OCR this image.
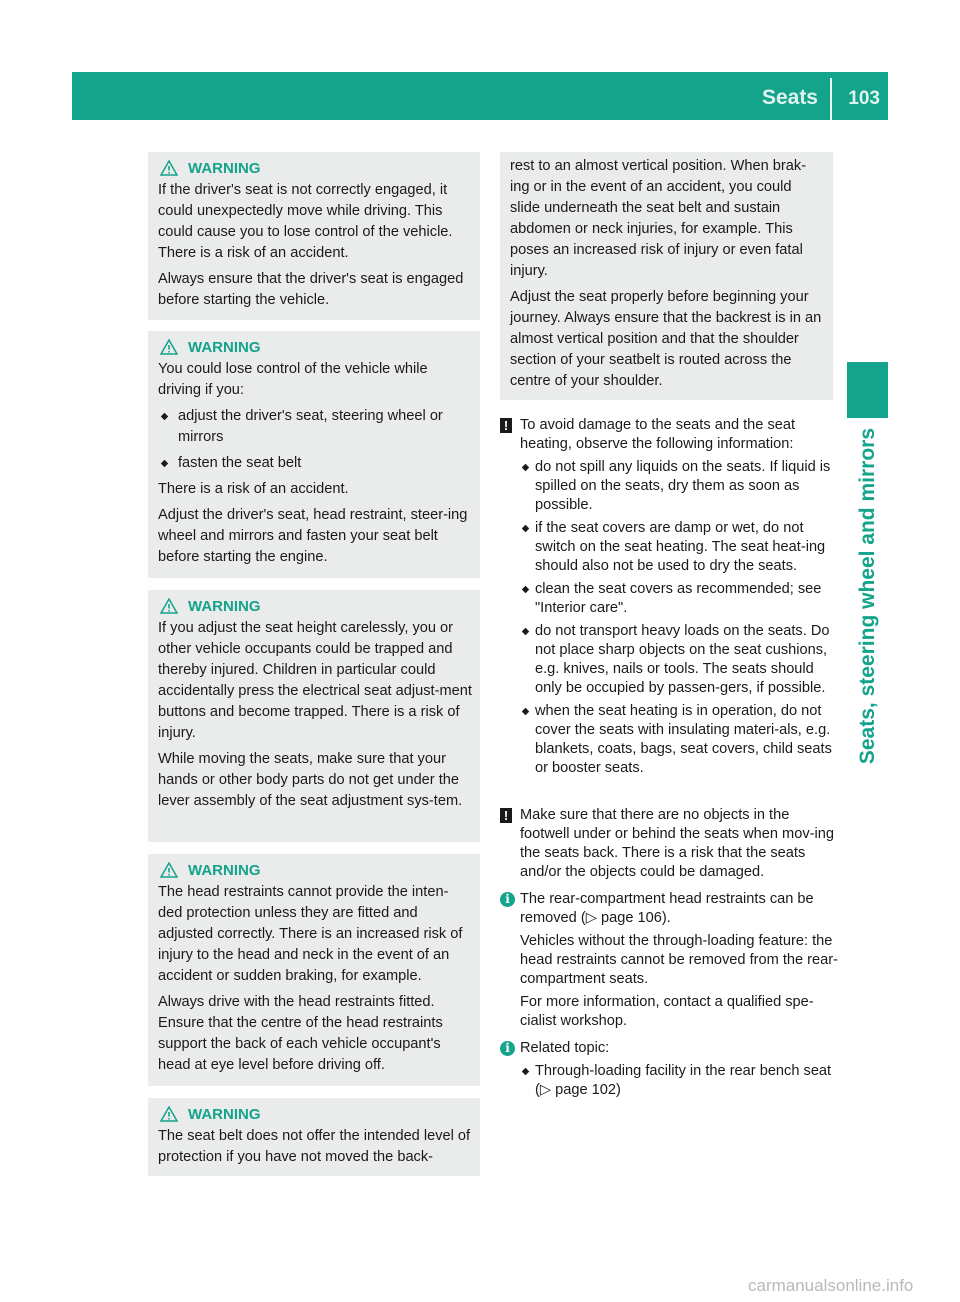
Seats 103
Seats, steering wheel and mirrors
WARNING

If the driver's seat is not correctly engaged, it could unexpectedly move while driving. This could cause you to lose control of the vehicle. There is a risk of an accident.

Always ensure that the driver's seat is engaged before starting the vehicle.

WARNING

You could lose control of the vehicle while driving if you:

adjust the driver's seat, steering wheel or mirrors
fasten the seat belt

There is a risk of an accident.

Adjust the driver's seat, head restraint, steer-ing wheel and mirrors and fasten your seat belt before starting the engine.

WARNING

If you adjust the seat height carelessly, you or other vehicle occupants could be trapped and thereby injured. Children in particular could accidentally press the electrical seat adjust-ment buttons and become trapped. There is a risk of injury.

While moving the seats, make sure that your hands or other body parts do not get under the lever assembly of the seat adjustment sys-tem.

WARNING

The head restraints cannot provide the inten-ded protection unless they are fitted and adjusted correctly. There is an increased risk of injury to the head and neck in the event of an accident or sudden braking, for example.

Always drive with the head restraints fitted. Ensure that the centre of the head restraints support the back of each vehicle occupant's head at eye level before driving off.

WARNING

The seat belt does not offer the intended level of protection if you have not moved the back-

rest to an almost vertical position. When brak-ing or in the event of an accident, you could slide underneath the seat belt and sustain abdomen or neck injuries, for example. This poses an increased risk of injury or even fatal injury.

Adjust the seat properly before beginning your journey. Always ensure that the backrest is in an almost vertical position and that the shoulder section of your seatbelt is routed across the centre of your shoulder.

! To avoid damage to the seats and the seat heating, observe the following information:
do not spill any liquids on the seats. If liquid is spilled on the seats, dry them as soon as possible.
if the seat covers are damp or wet, do not switch on the seat heating. The seat heat-ing should also not be used to dry the seats.
clean the seat covers as recommended; see "Interior care".
do not transport heavy loads on the seats. Do not place sharp objects on the seat cushions, e.g. knives, nails or tools. The seats should only be occupied by passen-gers, if possible.
when the seat heating is in operation, do not cover the seats with insulating materi-als, e.g. blankets, coats, bags, seat covers, child seats or booster seats.
! Make sure that there are no objects in the footwell under or behind the seats when mov-ing the seats back. There is a risk that the seats and/or the objects could be damaged.
i The rear-compartment head restraints can be removed (▷ page 106).
Vehicles without the through-loading feature: the head restraints cannot be removed from the rear-compartment seats.
For more information, contact a qualified spe-cialist workshop.
i Related topic:
Through-loading facility in the rear bench seat (▷ page 102)
carmanualsonline.info
